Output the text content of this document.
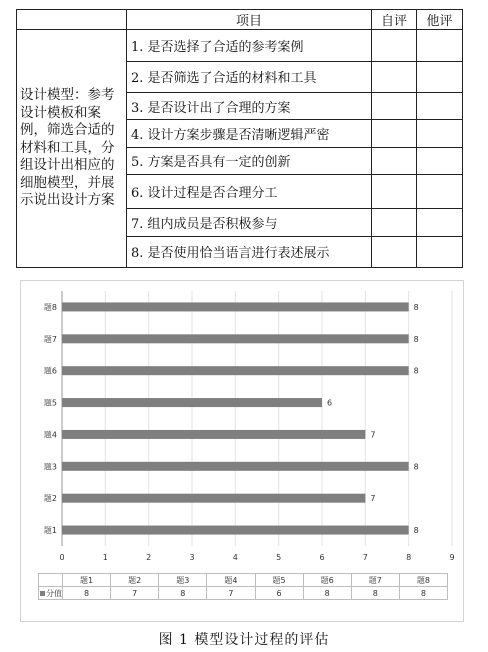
	项目	自评	他评
设计模型：参考设计模板和案例，筛选合适的材料和工具，分组设计出相应的细胞模型，并展示说出设计方案	1. 是否选择了合适的参考案例		
	2. 是否筛选了合适的材料和工具		
	3. 是否设计出了合理的方案		
	4. 设计方案步骤是否清晰逻辑严密		
	5. 方案是否具有一定的创新		
	6. 设计过程是否合理分工		
	7. 组内成员是否积极参与		
	8. 是否使用恰当语言进行表述展示		
0	1	2	3	4	5	6	7	8	9
题1	8
题2	7
题3	8
题4	7
题5	6
题6	8
题7	8
题8	8
	题1	题2	题3	题4	题5	题6	题7	题8
分值	8	7	8	7	6	8	8	8
图 1 模型设计过程的评估
